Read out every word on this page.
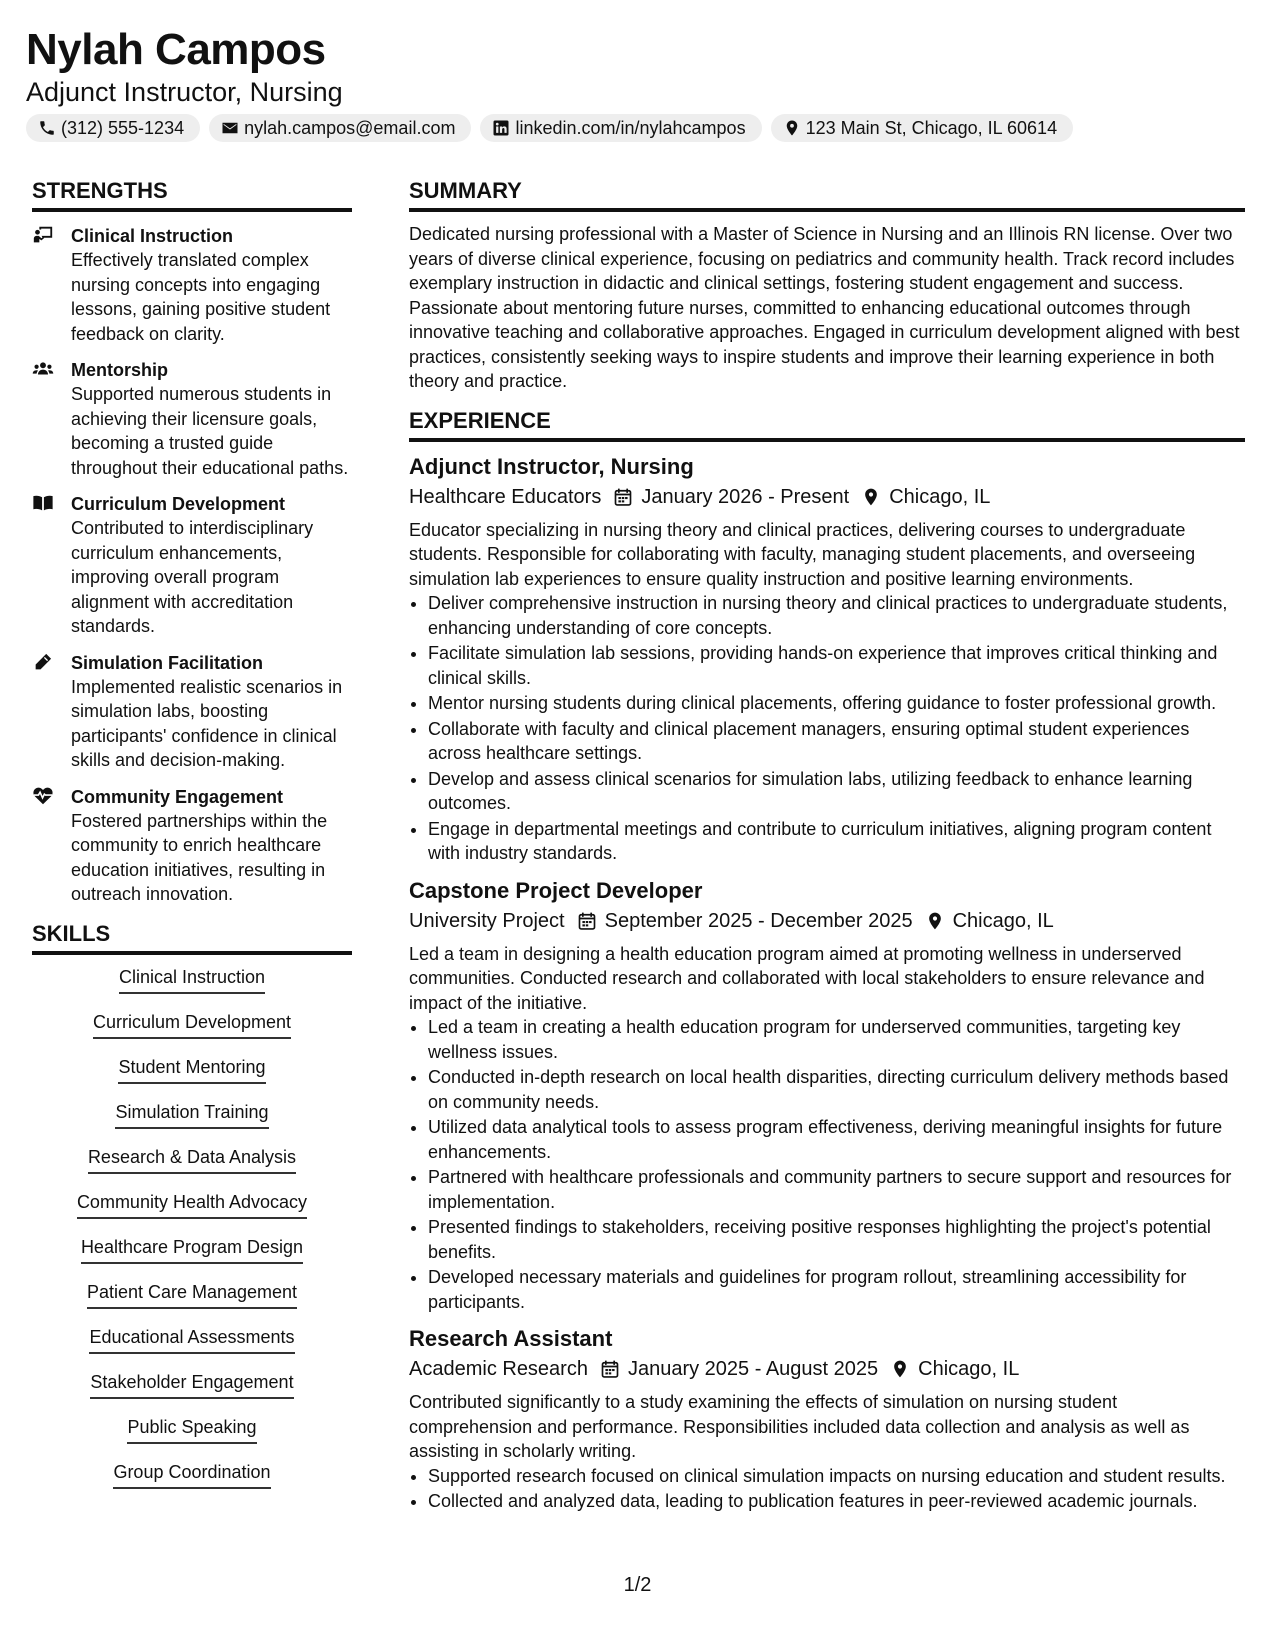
Nylah Campos
Adjunct Instructor, Nursing
(312) 555-1234	nylah.campos@email.com	linkedin.com/in/nylahcampos	123 Main St, Chicago, IL 60614
STRENGTHS
Clinical Instruction
Effectively translated complex nursing concepts into engaging lessons, gaining positive student feedback on clarity.
Mentorship
Supported numerous students in achieving their licensure goals, becoming a trusted guide throughout their educational paths.
Curriculum Development
Contributed to interdisciplinary curriculum enhancements, improving overall program alignment with accreditation standards.
Simulation Facilitation
Implemented realistic scenarios in simulation labs, boosting participants' confidence in clinical skills and decision-making.
Community Engagement
Fostered partnerships within the community to enrich healthcare education initiatives, resulting in outreach innovation.
SKILLS
Clinical Instruction
Curriculum Development
Student Mentoring
Simulation Training
Research & Data Analysis
Community Health Advocacy
Healthcare Program Design
Patient Care Management
Educational Assessments
Stakeholder Engagement
Public Speaking
Group Coordination
SUMMARY

Dedicated nursing professional with a Master of Science in Nursing and an Illinois RN license. Over two years of diverse clinical experience, focusing on pediatrics and community health. Track record includes exemplary instruction in didactic and clinical settings, fostering student engagement and success. Passionate about mentoring future nurses, committed to enhancing educational outcomes through innovative teaching and collaborative approaches. Engaged in curriculum development aligned with best practices, consistently seeking ways to inspire students and improve their learning experience in both theory and practice.

EXPERIENCE
Adjunct Instructor, Nursing
Healthcare Educators January 2026 - Present Chicago, IL

Educator specializing in nursing theory and clinical practices, delivering courses to undergraduate students. Responsible for collaborating with faculty, managing student placements, and overseeing simulation lab experiences to ensure quality instruction and positive learning environments.

• Deliver comprehensive instruction in nursing theory and clinical practices to undergraduate students, enhancing understanding of core concepts.
• Facilitate simulation lab sessions, providing hands-on experience that improves critical thinking and clinical skills.
• Mentor nursing students during clinical placements, offering guidance to foster professional growth.
• Collaborate with faculty and clinical placement managers, ensuring optimal student experiences across healthcare settings.
• Develop and assess clinical scenarios for simulation labs, utilizing feedback to enhance learning outcomes.
• Engage in departmental meetings and contribute to curriculum initiatives, aligning program content with industry standards.
Capstone Project Developer
University Project September 2025 - December 2025 Chicago, IL

Led a team in designing a health education program aimed at promoting wellness in underserved communities. Conducted research and collaborated with local stakeholders to ensure relevance and impact of the initiative.

• Led a team in creating a health education program for underserved communities, targeting key wellness issues.
• Conducted in-depth research on local health disparities, directing curriculum delivery methods based on community needs.
• Utilized data analytical tools to assess program effectiveness, deriving meaningful insights for future enhancements.
• Partnered with healthcare professionals and community partners to secure support and resources for implementation.
• Presented findings to stakeholders, receiving positive responses highlighting the project's potential benefits.
• Developed necessary materials and guidelines for program rollout, streamlining accessibility for participants.
Research Assistant
Academic Research January 2025 - August 2025 Chicago, IL

Contributed significantly to a study examining the effects of simulation on nursing student comprehension and performance. Responsibilities included data collection and analysis as well as assisting in scholarly writing.

• Supported research focused on clinical simulation impacts on nursing education and student results.
• Collected and analyzed data, leading to publication features in peer-reviewed academic journals.
1/2
